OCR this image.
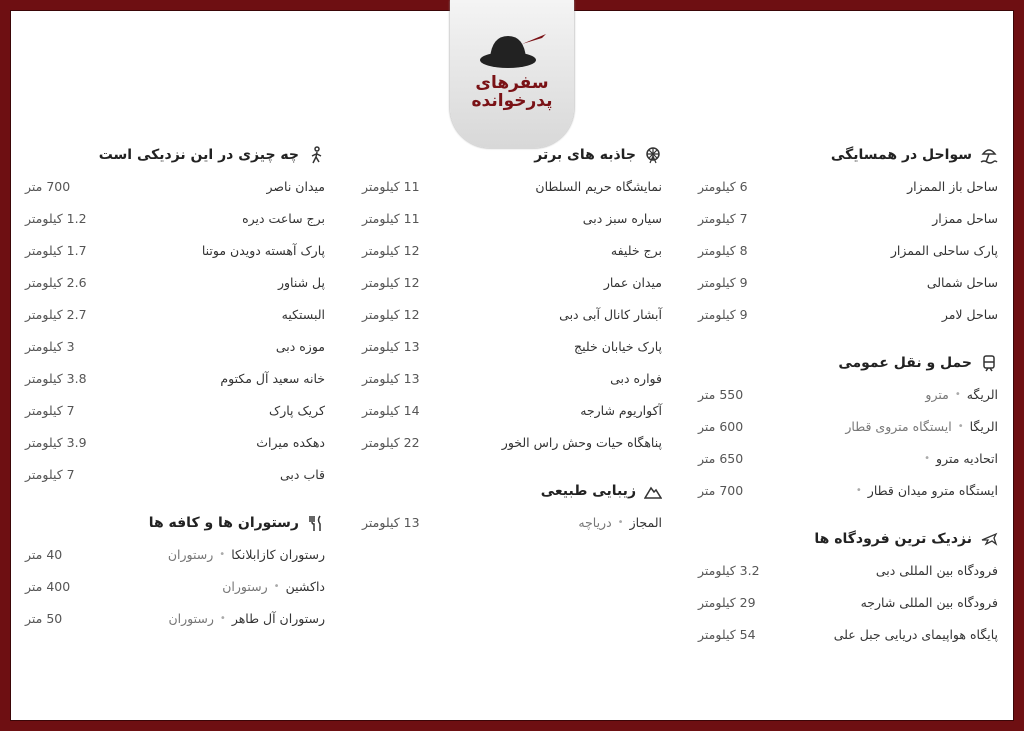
سفرهای
پدرخوانده
سواحل در همسایگی
ساحل باز الممزار
6 کیلومتر
ساحل ممزار
7 کیلومتر
پارک ساحلی الممزار
8 کیلومتر
ساحل شمالی
9 کیلومتر
ساحل لامر
9 کیلومتر
حمل و نقل عمومی
الریگه
•
مترو
550 متر
الریگا
•
ایستگاه متروی قطار
600 متر
اتحادیه مترو
•
650 متر
ایستگاه مترو میدان قطار
•
700 متر
نزدیک ترین فرودگاه ها
فرودگاه بین المللی دبی
3.2 کیلومتر
فرودگاه بین المللی شارجه
29 کیلومتر
پایگاه هواپیمای دریایی جبل علی
54 کیلومتر
جاذبه های برتر
نمایشگاه حریم السلطان
11 کیلومتر
سیاره سبز دبی
11 کیلومتر
برج خلیفه
12 کیلومتر
میدان عمار
12 کیلومتر
آبشار کانال آبی دبی
12 کیلومتر
پارک خیابان خلیج
13 کیلومتر
فواره دبی
13 کیلومتر
آکواریوم شارجه
14 کیلومتر
پناهگاه حیات وحش راس الخور
22 کیلومتر
زیبایی طبیعی
المجاز
•
دریاچه
13 کیلومتر
چه چیزی در این نزدیکی است
میدان ناصر
700 متر
برج ساعت دیره
1.2 کیلومتر
پارک آهسته دویدن موتنا
1.7 کیلومتر
پل شناور
2.6 کیلومتر
البستکیه
2.7 کیلومتر
موزه دبی
3 کیلومتر
خانه سعید آل مکتوم
3.8 کیلومتر
کریک پارک
7 کیلومتر
دهکده میراث
3.9 کیلومتر
قاب دبی
7 کیلومتر
رستوران ها و کافه ها
رستوران کازابلانکا
•
رستوران
40 متر
داکشین
•
رستوران
400 متر
رستوران آل طاهر
•
رستوران
50 متر
